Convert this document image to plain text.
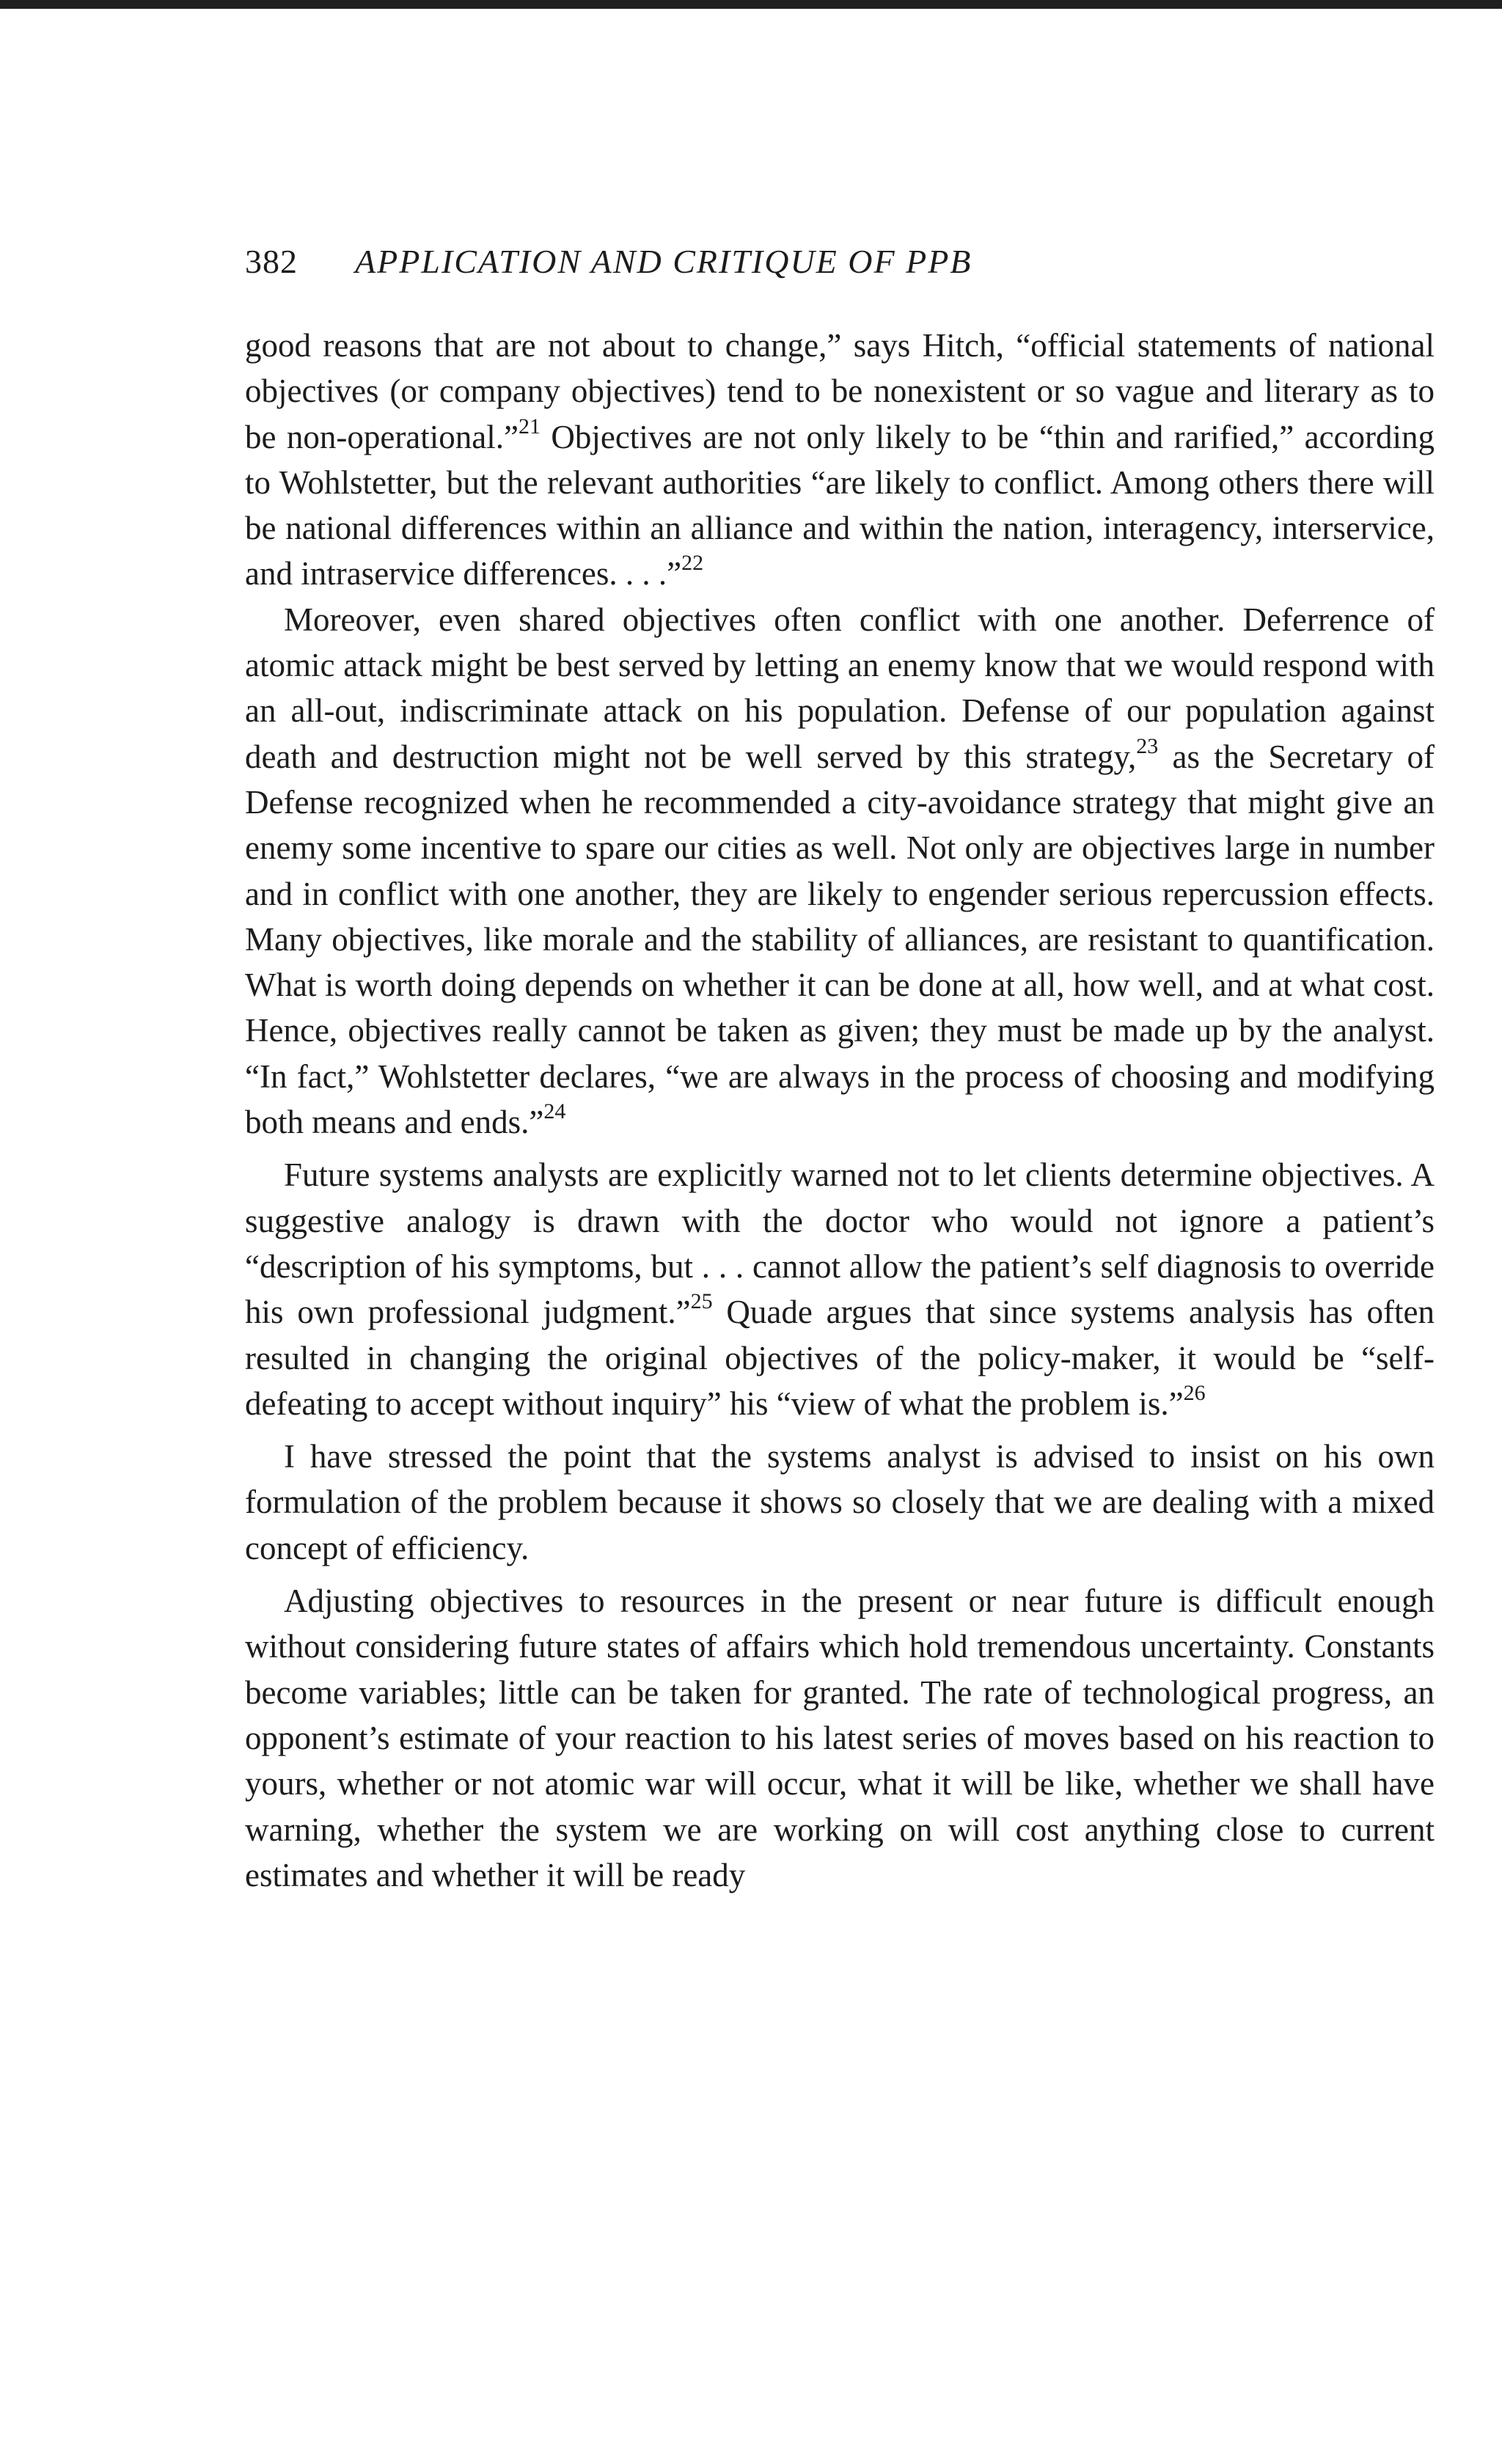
382 APPLICATION AND CRITIQUE OF PPB

good reasons that are not about to change,” says Hitch, “official statements of national objectives (or company objectives) tend to be nonexistent or so vague and literary as to be non-operational.”$^{21}$ Objectives are not only likely to be “thin and rarified,” according to Wohlstetter, but the relevant authorities “are likely to conflict. Among others there will be national differences within an alliance and within the nation, interagency, interservice, and intraservice differences. . . .”$^{22}$

Moreover, even shared objectives often conflict with one another. Deferrence of atomic attack might be best served by letting an enemy know that we would respond with an all-out, indiscriminate attack on his population. Defense of our population against death and destruction might not be well served by this strategy,$^{23}$ as the Secretary of Defense recognized when he recommended a city-avoidance strategy that might give an enemy some incentive to spare our cities as well. Not only are objectives large in number and in conflict with one another, they are likely to engender serious repercussion effects. Many objectives, like morale and the stability of alliances, are resistant to quantification. What is worth doing depends on whether it can be done at all, how well, and at what cost. Hence, objectives really cannot be taken as given; they must be made up by the analyst. “In fact,” Wohlstetter declares, “we are always in the process of choosing and modifying both means and ends.”$^{24}$

Future systems analysts are explicitly warned not to let clients determine objectives. A suggestive analogy is drawn with the doctor who would not ignore a patient’s “description of his symptoms, but . . . cannot allow the patient’s self diagnosis to override his own professional judgment.”$^{25}$ Quade argues that since systems analysis has often resulted in changing the original objectives of the policy-maker, it would be “self-defeating to accept without inquiry” his “view of what the problem is.”$^{26}$

I have stressed the point that the systems analyst is advised to insist on his own formulation of the problem because it shows so closely that we are dealing with a mixed concept of efficiency.

Adjusting objectives to resources in the present or near future is difficult enough without considering future states of affairs which hold tremendous uncertainty. Constants become variables; little can be taken for granted. The rate of technological progress, an opponent’s estimate of your reaction to his latest series of moves based on his reaction to yours, whether or not atomic war will occur, what it will be like, whether we shall have warning, whether the system we are working on will cost anything close to current estimates and whether it will be ready
